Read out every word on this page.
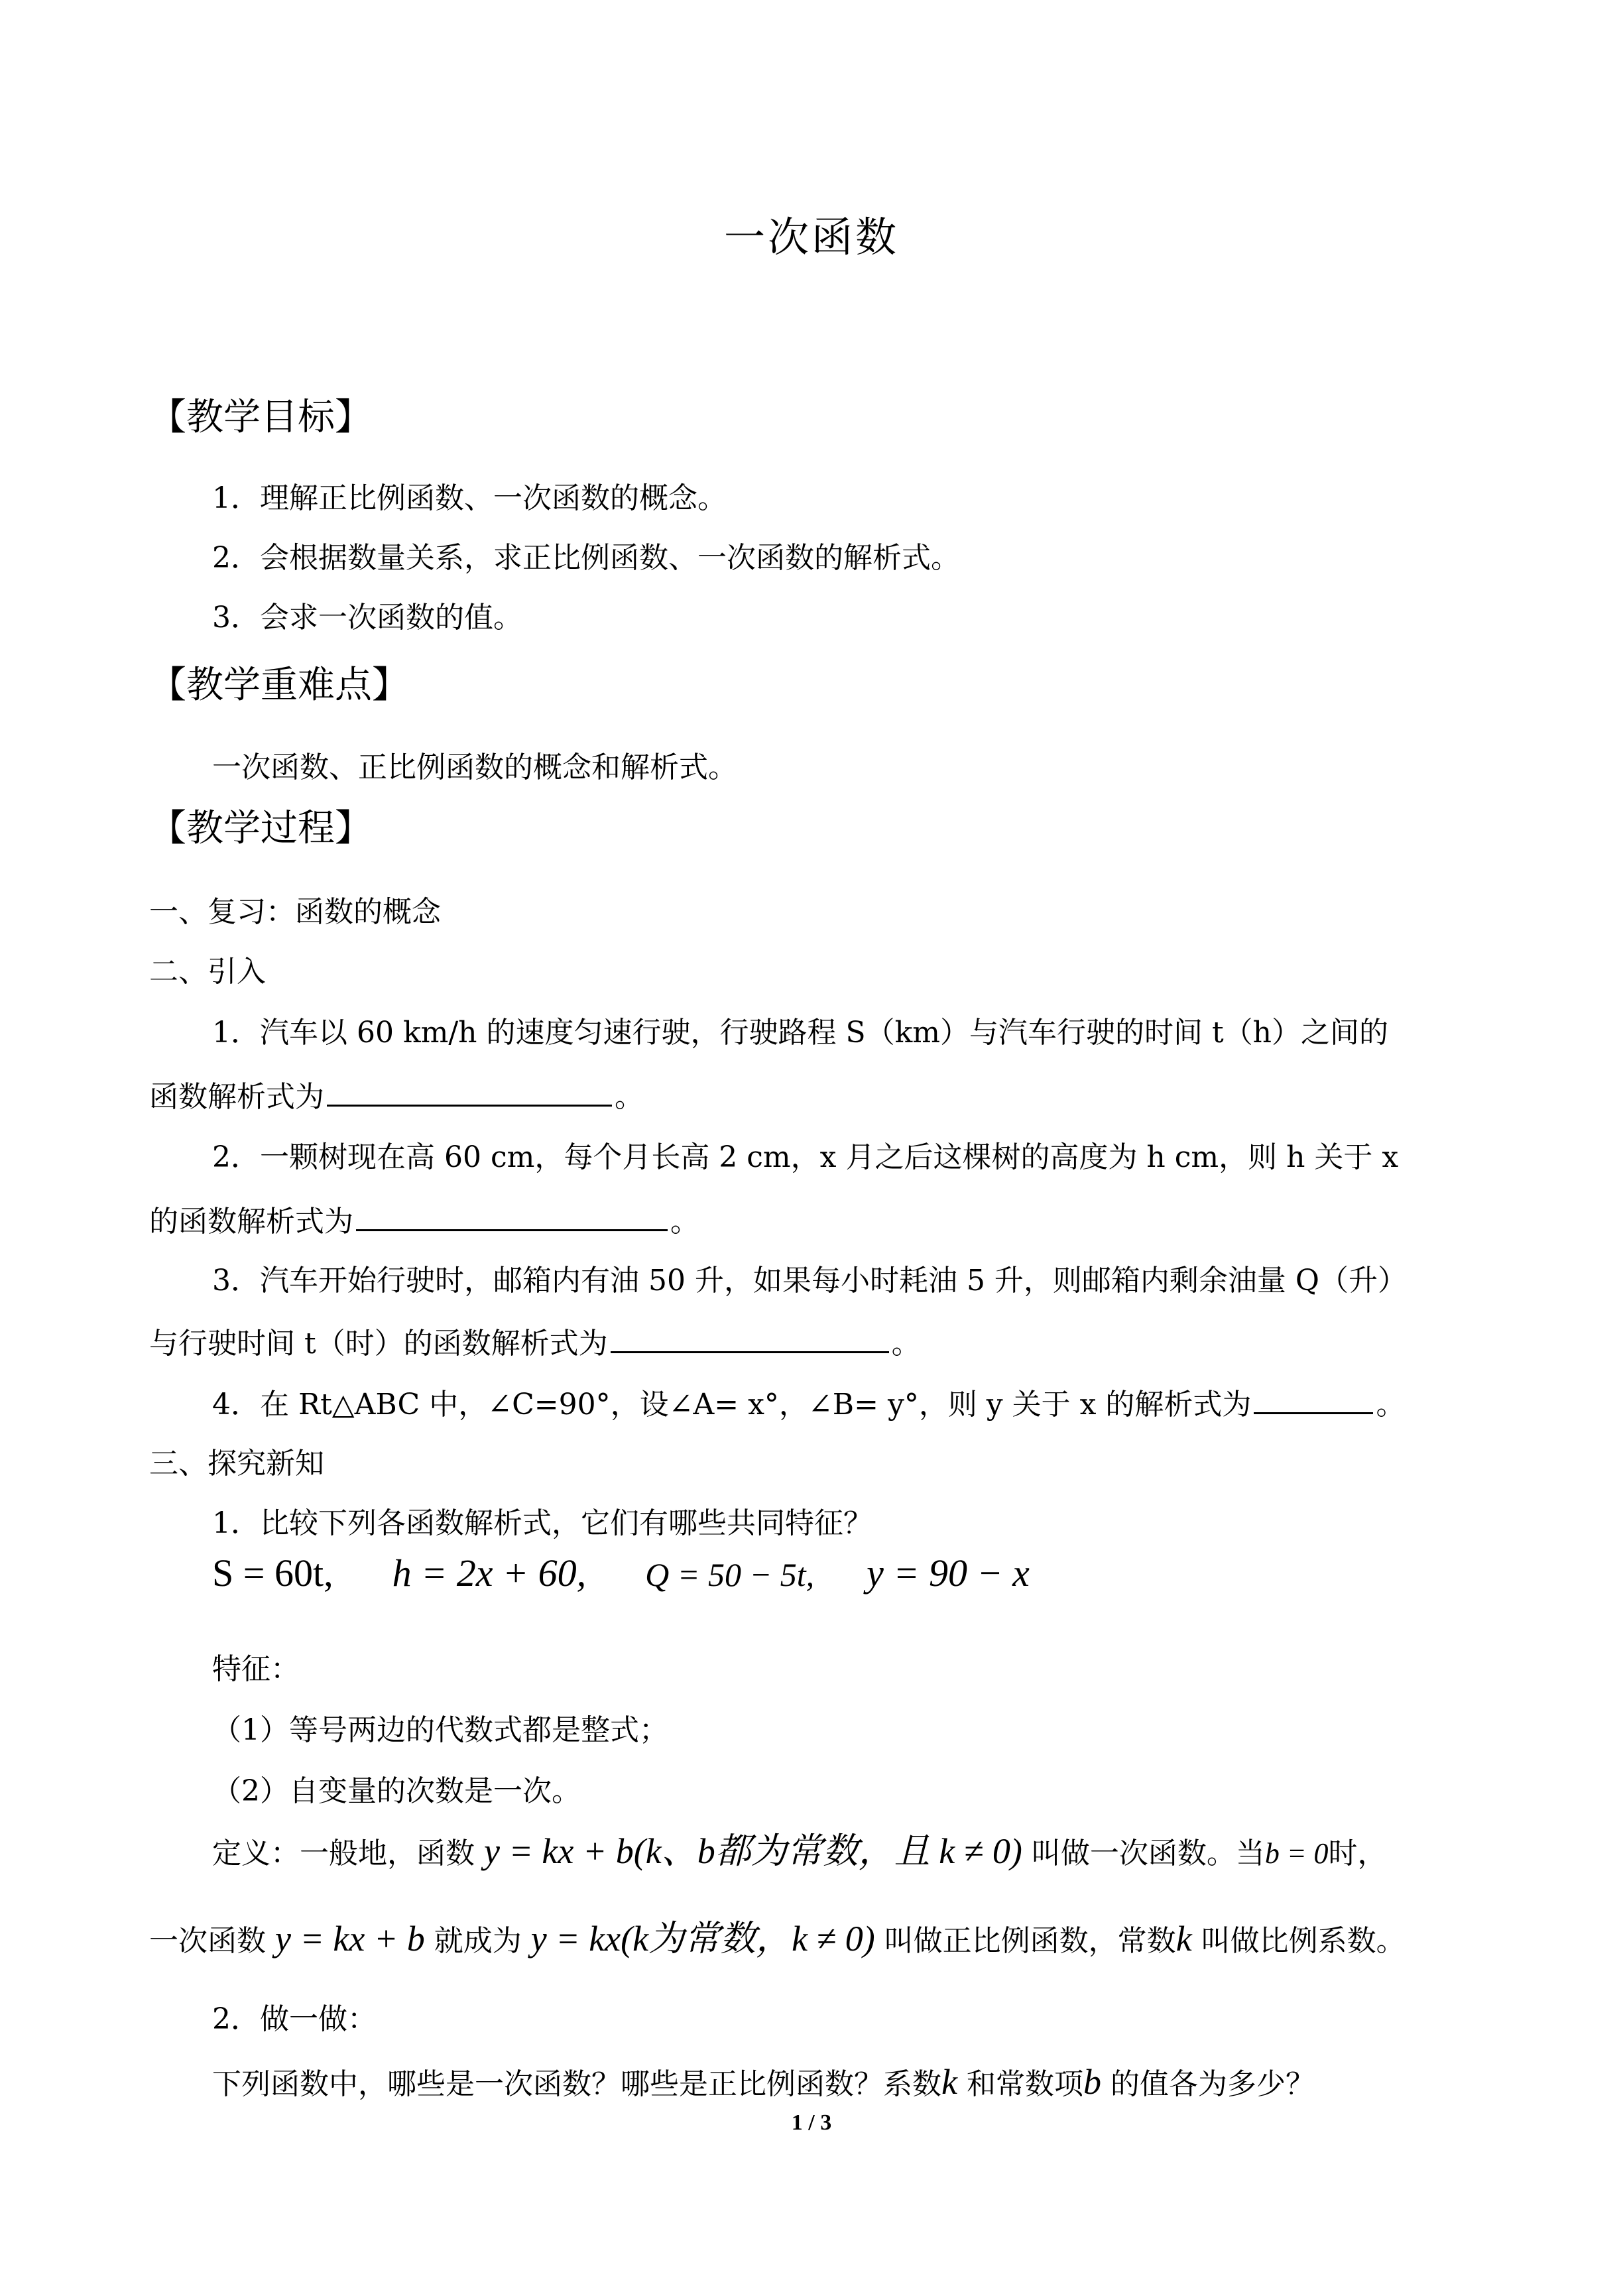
一次函数
【教学目标】
1．理解正比例函数、一次函数的概念。
2．会根据数量关系，求正比例函数、一次函数的解析式。
3．会求一次函数的值。
【教学重难点】
一次函数、正比例函数的概念和解析式。
【教学过程】
一、复习：函数的概念
二、引入
1．汽车以 60 km/h 的速度匀速行驶，行驶路程 S（km）与汽车行驶的时间 t（h）之间的
函数解析式为	。
2．一颗树现在高 60 cm，每个月长高 2 cm，x 月之后这棵树的高度为 h cm，则 h 关于 x
的函数解析式为	。
3．汽车开始行驶时，邮箱内有油 50 升，如果每小时耗油 5 升，则邮箱内剩余油量 Q（升）
与行驶时间 t（时）的函数解析式为	。
4．在 Rt△ABC 中，∠C=90°，设∠A= x°，∠B= y°，则 y 关于 x 的解析式为	。
三、探究新知
1．比较下列各函数解析式，它们有哪些共同特征？
S = 60t, h = 2x + 60, Q = 50 − 5t, y = 90 − x
特征：
（1）等号两边的代数式都是整式；
（2）自变量的次数是一次。
定义：一般地，函数 y = kx + b(k、b都为常数，且 k ≠ 0) 叫做一次函数。当b = 0时，
一次函数 y = kx + b 就成为 y = kx(k为常数，k ≠ 0) 叫做正比例函数，常数k 叫做比例系数。
2．做一做：
下列函数中，哪些是一次函数？哪些是正比例函数？系数k 和常数项b 的值各为多少？
1 / 3
